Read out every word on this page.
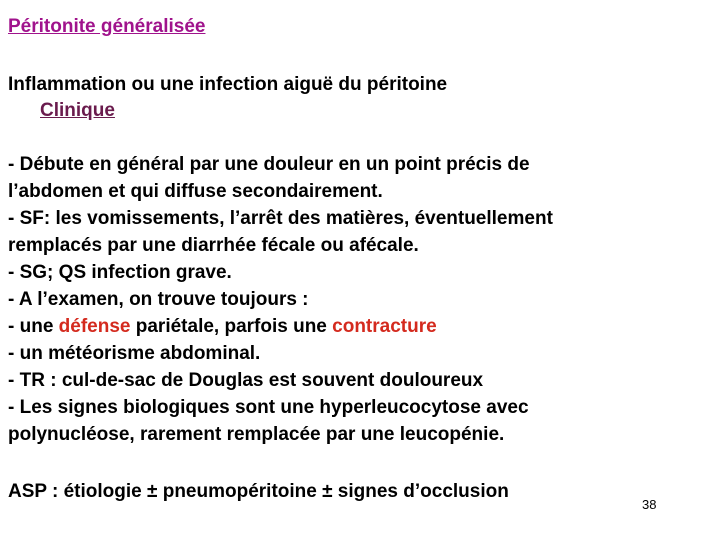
Péritonite généralisée
Inflammation ou une infection aiguë du péritoine
Clinique
- Débute en général par une douleur en un point précis de
l’abdomen et qui diffuse secondairement.
- SF: les vomissements, l’arrêt des matières, éventuellement
remplacés par une diarrhée fécale ou afécale.
- SG; QS infection grave.
- A l’examen, on trouve toujours :
- une défense pariétale, parfois une contracture
- un météorisme abdominal.
- TR : cul-de-sac de Douglas est souvent douloureux
- Les signes biologiques sont une hyperleucocytose avec
polynucléose, rarement remplacée par une leucopénie.
ASP : étiologie ± pneumopéritoine ± signes d’occlusion
38
